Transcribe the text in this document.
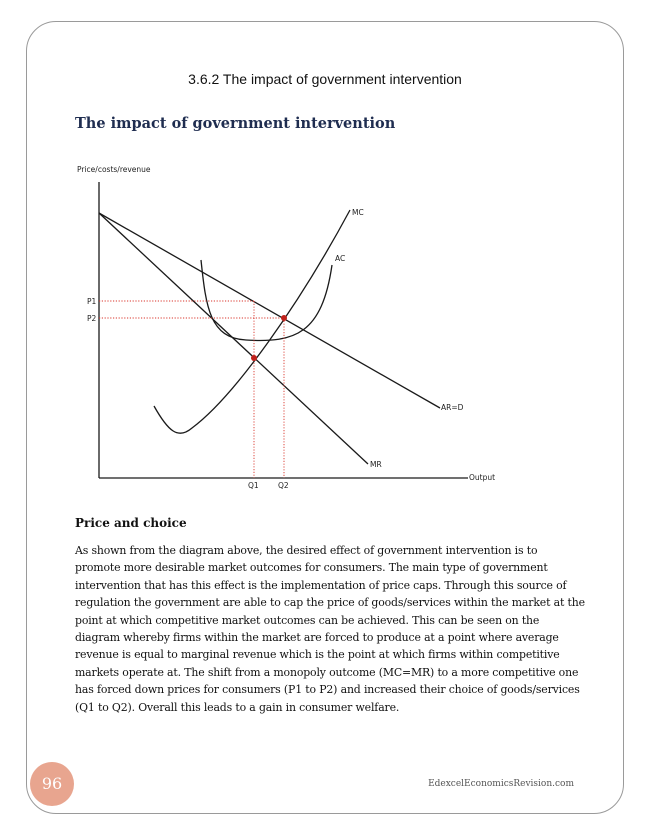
3.6.2 The impact of government intervention
The impact of government intervention
Price/costs/revenue
Output
AR=D
MR
MC
AC
P1
P2
Q1	Q2
Price and choice
As shown from the diagram above, the desired effect of government intervention is to promote more desirable market outcomes for consumers. The main type of government intervention that has this effect is the implementation of price caps. Through this source of regulation the government are able to cap the price of goods/services within the market at the point at which competitive market outcomes can be achieved. This can be seen on the diagram whereby firms within the market are forced to produce at a point where average revenue is equal to marginal revenue which is the point at which firms within competitive markets operate at. The shift from a monopoly outcome (MC=MR) to a more competitive one has forced down prices for consumers (P1 to P2) and increased their choice of goods/services (Q1 to Q2). Overall this leads to a gain in consumer welfare.
96	EdexcelEconomicsRevision.com
